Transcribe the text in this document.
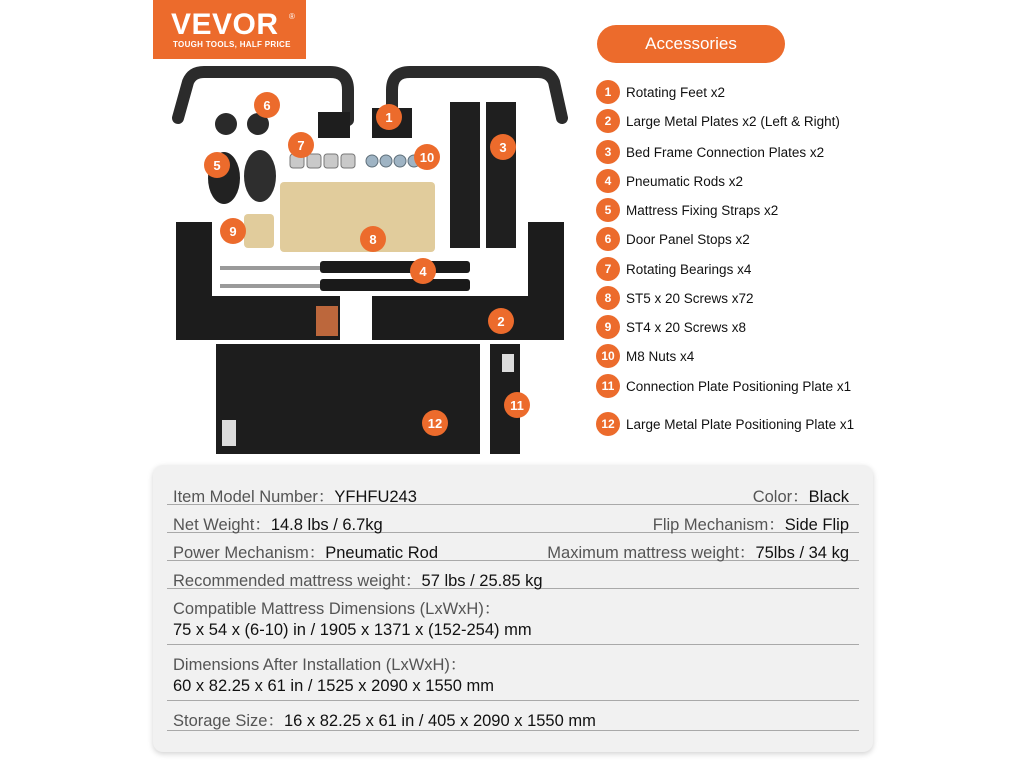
VEVOR ®
TOUGH TOOLS, HALF PRICE
1
2
3
4
5
6
7
8
9
10
11
12
Accessories
1	Rotating Feet x2
2	Large Metal Plates x2 (Left & Right)
3	Bed Frame Connection Plates x2
4	Pneumatic Rods x2
5	Mattress Fixing Straps x2
6	Door Panel Stops x2
7	Rotating Bearings x4
8	ST5 x 20 Screws x72
9	ST4 x 20 Screws x8
10 M8 Nuts x4
11 Connection Plate Positioning Plate x1
12 Large Metal Plate Positioning Plate x1
Item Model Number：YFHFU243	Color：Black
Net Weight：14.8 lbs / 6.7kg	Flip Mechanism：Side Flip
Power Mechanism：Pneumatic Rod	Maximum mattress weight：75lbs / 34 kg
Recommended mattress weight：57 lbs / 25.85 kg
Compatible Mattress Dimensions (LxWxH)：
75 x 54 x (6-10) in / 1905 x 1371 x (152-254) mm
Dimensions After Installation (LxWxH)：
60 x 82.25 x 61 in / 1525 x 2090 x 1550 mm
Storage Size：16 x 82.25 x 61 in / 405 x 2090 x 1550 mm
